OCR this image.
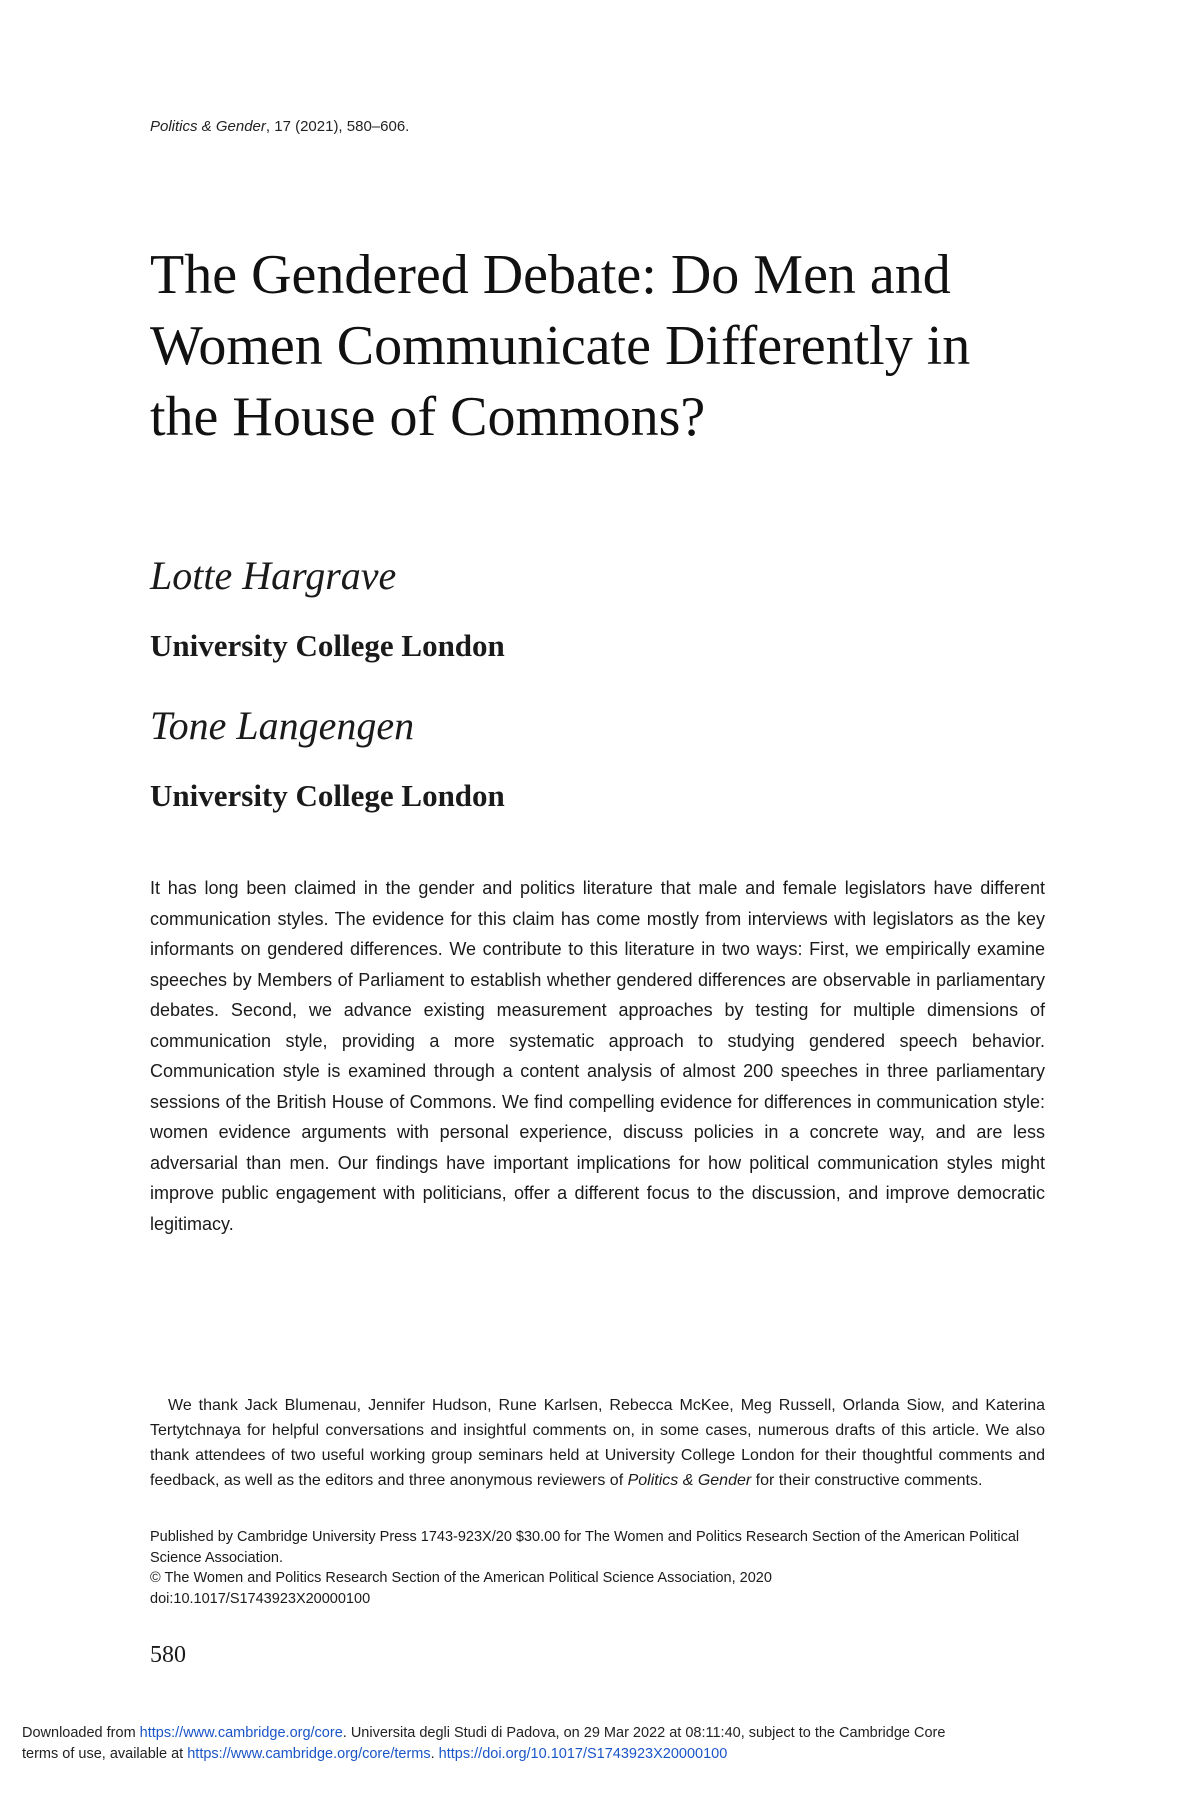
Politics & Gender, 17 (2021), 580–606.
The Gendered Debate: Do Men and Women Communicate Differently in the House of Commons?
Lotte Hargrave
University College London
Tone Langengen
University College London

It has long been claimed in the gender and politics literature that male and female legislators have different communication styles. The evidence for this claim has come mostly from interviews with legislators as the key informants on gendered differences. We contribute to this literature in two ways: First, we empirically examine speeches by Members of Parliament to establish whether gendered differences are observable in parliamentary debates. Second, we advance existing measurement approaches by testing for multiple dimensions of communication style, providing a more systematic approach to studying gendered speech behavior. Communication style is examined through a content analysis of almost 200 speeches in three parliamentary sessions of the British House of Commons. We find compelling evidence for differences in communication style: women evidence arguments with personal experience, discuss policies in a concrete way, and are less adversarial than men. Our findings have important implications for how political communication styles might improve public engagement with politicians, offer a different focus to the discussion, and improve democratic legitimacy.

We thank Jack Blumenau, Jennifer Hudson, Rune Karlsen, Rebecca McKee, Meg Russell, Orlanda Siow, and Katerina Tertytchnaya for helpful conversations and insightful comments on, in some cases, numerous drafts of this article. We also thank attendees of two useful working group seminars held at University College London for their thoughtful comments and feedback, as well as the editors and three anonymous reviewers of Politics & Gender for their constructive comments.

Published by Cambridge University Press 1743-923X/20 $30.00 for The Women and Politics Research Section of the American Political Science Association.

© The Women and Politics Research Section of the American Political Science Association, 2020

doi:10.1017/S1743923X20000100

580

Downloaded from https://www.cambridge.org/core. Universita degli Studi di Padova, on 29 Mar 2022 at 08:11:40, subject to the Cambridge Core

terms of use, available at https://www.cambridge.org/core/terms. https://doi.org/10.1017/S1743923X20000100
